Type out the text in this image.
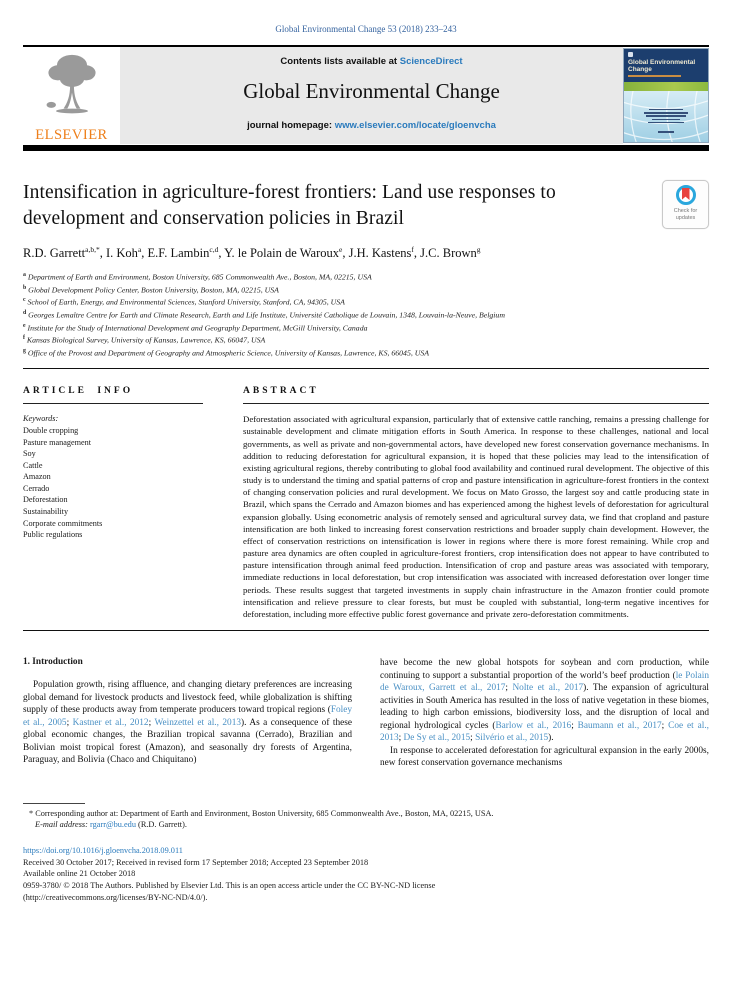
Global Environmental Change 53 (2018) 233–243
ELSEVIER
Contents lists available at ScienceDirect
Global Environmental Change
journal homepage: www.elsevier.com/locate/gloenvcha
Global Environmental Change
Intensification in agriculture-forest frontiers: Land use responses to development and conservation policies in Brazil	Check for
updates
R.D. Garrett$^{a,b,*}$, I. Koh$^a$, E.F. Lambin$^{c,d}$, Y. le Polain de Waroux$^e$, J.H. Kastens$^f$, J.C. Brown$^g$
$^a$ Department of Earth and Environment, Boston University, 685 Commonwealth Ave., Boston, MA, 02215, USA
$^b$ Global Development Policy Center, Boston University, Boston, MA, 02215, USA
$^c$ School of Earth, Energy, and Environmental Sciences, Stanford University, Stanford, CA, 94305, USA
$^d$ Georges Lemaître Centre for Earth and Climate Research, Earth and Life Institute, Université Catholique de Louvain, 1348, Louvain-la-Neuve, Belgium
$^e$ Institute for the Study of International Development and Geography Department, McGill University, Canada
$^f$ Kansas Biological Survey, University of Kansas, Lawrence, KS, 66047, USA
$^g$ Office of the Provost and Department of Geography and Atmospheric Science, University of Kansas, Lawrence, KS, 66045, USA
ARTICLE INFO
Keywords:
Double cropping
Pasture management
Soy
Cattle
Amazon
Cerrado
Deforestation
Sustainability
Corporate commitments
Public regulations
ABSTRACT
Deforestation associated with agricultural expansion, particularly that of extensive cattle ranching, remains a pressing challenge for sustainable development and climate mitigation efforts in South America. In response to these challenges, national and local governments, as well as private and non-governmental actors, have developed new forest conservation governance mechanisms. In addition to reducing deforestation for agricultural expansion, it is hoped that these policies may lead to the intensification of existing agricultural regions, thereby contributing to global food availability and continued rural development. The objective of this study is to understand the timing and spatial patterns of crop and pasture intensification in agriculture-forest frontiers in the context of changing conservation policies and rural development. We focus on Mato Grosso, the largest soy and cattle producing state in Brazil, which spans the Cerrado and Amazon biomes and has experienced among the highest levels of deforestation for agricultural expansion globally. Using econometric analysis of remotely sensed and agricultural survey data, we find that cropland and pasture intensification are both linked to increasing forest conservation restrictions and broader supply chain development. However, the effect of conservation restrictions on intensification is lower in regions where there is more forest remaining. While crop and pasture area dynamics are often coupled in agriculture-forest frontiers, crop intensification does not appear to have contributed to pasture intensification through animal feed production. Intensification of crop and pasture areas was associated with temporary, immediate reductions in local deforestation, but crop intensification was associated with increased deforestation over longer time periods. These results suggest that targeted investments in supply chain infrastructure in the Amazon frontier could promote intensification and relieve pressure to clear forests, but must be coupled with substantial, long-term negative incentives for deforestation, including more effective public forest governance and private zero-deforestation commitments.
1. Introduction

Population growth, rising affluence, and changing dietary preferences are increasing global demand for livestock products and livestock feed, while globalization is shifting supply of these products away from temperate producers toward tropical regions (Foley et al., 2005; Kastner et al., 2012; Weinzettel et al., 2013). As a consequence of these global economic changes, the Brazilian tropical savanna (Cerrado), Brazilian and Bolivian moist tropical forest (Amazon), and seasonally dry forests of Argentina, Paraguay, and Bolivia (Chaco and Chiquitano)

have become the new global hotspots for soybean and corn production, while continuing to support a substantial proportion of the world’s beef production (le Polain de Waroux, Garrett et al., 2017; Nolte et al., 2017). The expansion of agricultural activities in South America has resulted in the loss of native vegetation in these biomes, leading to high carbon emissions, biodiversity loss, and the disruption of local and regional hydrological cycles (Barlow et al., 2016; Baumann et al., 2017; Coe et al., 2013; De Sy et al., 2015; Silvério et al., 2015).

In response to accelerated deforestation for agricultural expansion in the early 2000s, new forest conservation governance mechanisms

* Corresponding author at: Department of Earth and Environment, Boston University, 685 Commonwealth Ave., Boston, MA, 02215, USA.
E-mail address: rgarr@bu.edu (R.D. Garrett).
https://doi.org/10.1016/j.gloenvcha.2018.09.011
Received 30 October 2017; Received in revised form 17 September 2018; Accepted 23 September 2018
Available online 21 October 2018
0959-3780/ © 2018 The Authors. Published by Elsevier Ltd. This is an open access article under the CC BY-NC-ND license
(http://creativecommons.org/licenses/BY-NC-ND/4.0/).
